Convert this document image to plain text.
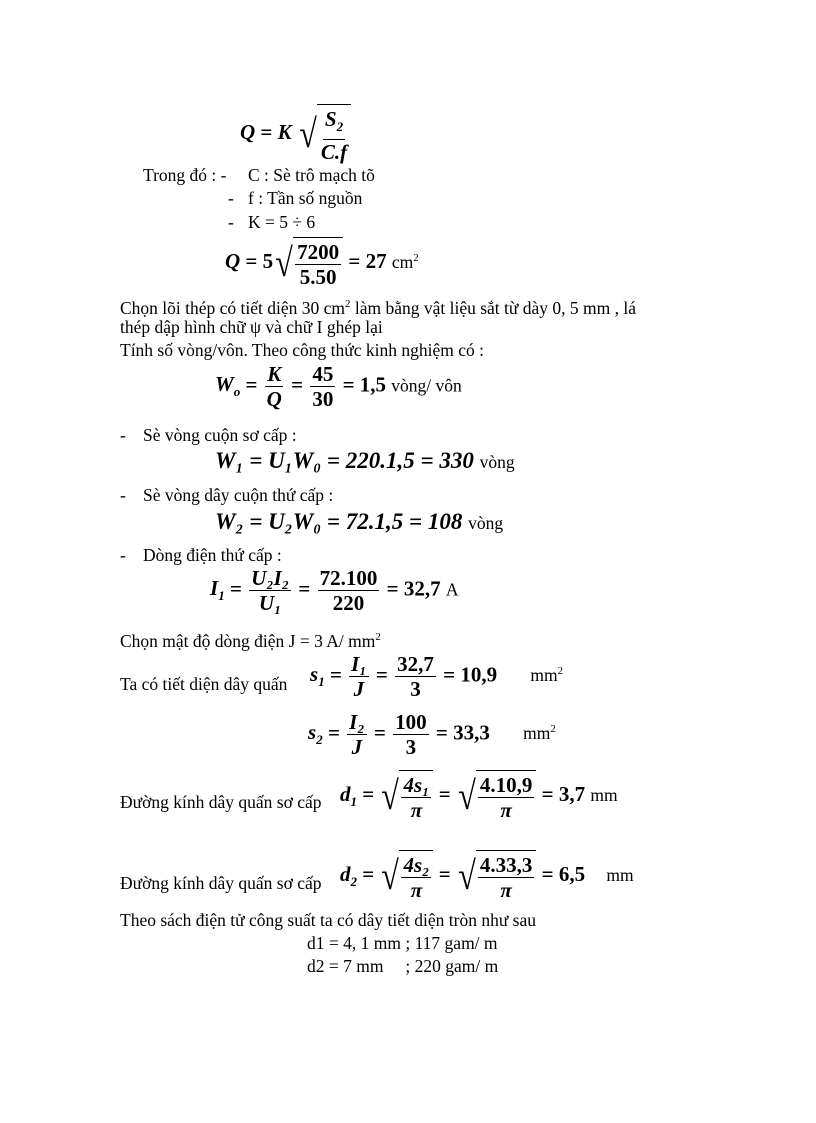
Q = K √ $\frac{S_2}{C.f}$
Trong đó : - C : Sè trô mạch tõ
- f : Tần số nguồn
- K = 5 ÷ 6
Q = 5 √ $\frac{7200}{5.50} = 27$ $cm^2$
Chọn lõi thép có tiết diện 30 $cm^2$ làm bằng vật liệu sắt từ dày 0, 5 mm , lá
thép dập hình chữ ψ và chữ I ghép lại
Tính số vòng/vôn. Theo công thức kinh nghiệm có :
$W_o = \frac{K}{Q} = \frac{45}{30} = 1,5$ vòng/ vôn
- Sè vòng cuộn sơ cấp :
W₁ = U₁W₀ = 220.1,5 = 330 vòng
- Sè vòng dây cuộn thứ cấp :
W₂ = U₂W₀ = 72.1,5 = 108 vòng
- Dòng điện thứ cấp :
$I_1 = \frac{\text{U₂I₂}}{\text{U₁}} = \frac{72.100}{220} = 32,7$ A
Chọn mật độ dòng điện J = 3 A/ $mm^2$
Ta có tiết diện dây quấn $s_1 = \frac{\text{I₁}}{J} = \frac{32,7}{3} = 10,9$ $mm^2$
$s_2 = \frac{\text{I₂}}{J} = \frac{100}{3} = 33,3$ $mm^2$
Đường kính dây quấn sơ cấp $d_1$ = √ $\frac{\text{4s₁}}{\pi}$ = √ $\frac{4.10,9}{\pi} = 3,7$ mm
Đường kính dây quấn sơ cấp $d_2$ = √ $\frac{\text{4s₂}}{\pi}$ = √ $\frac{4.33,3}{\pi} = 6,5$ mm
Theo sách điện tử công suất ta có dây tiết diện tròn như sau
d1 = 4, 1 mm ; 117 gam/ m
d2 = 7 mm     ; 220 gam/ m
